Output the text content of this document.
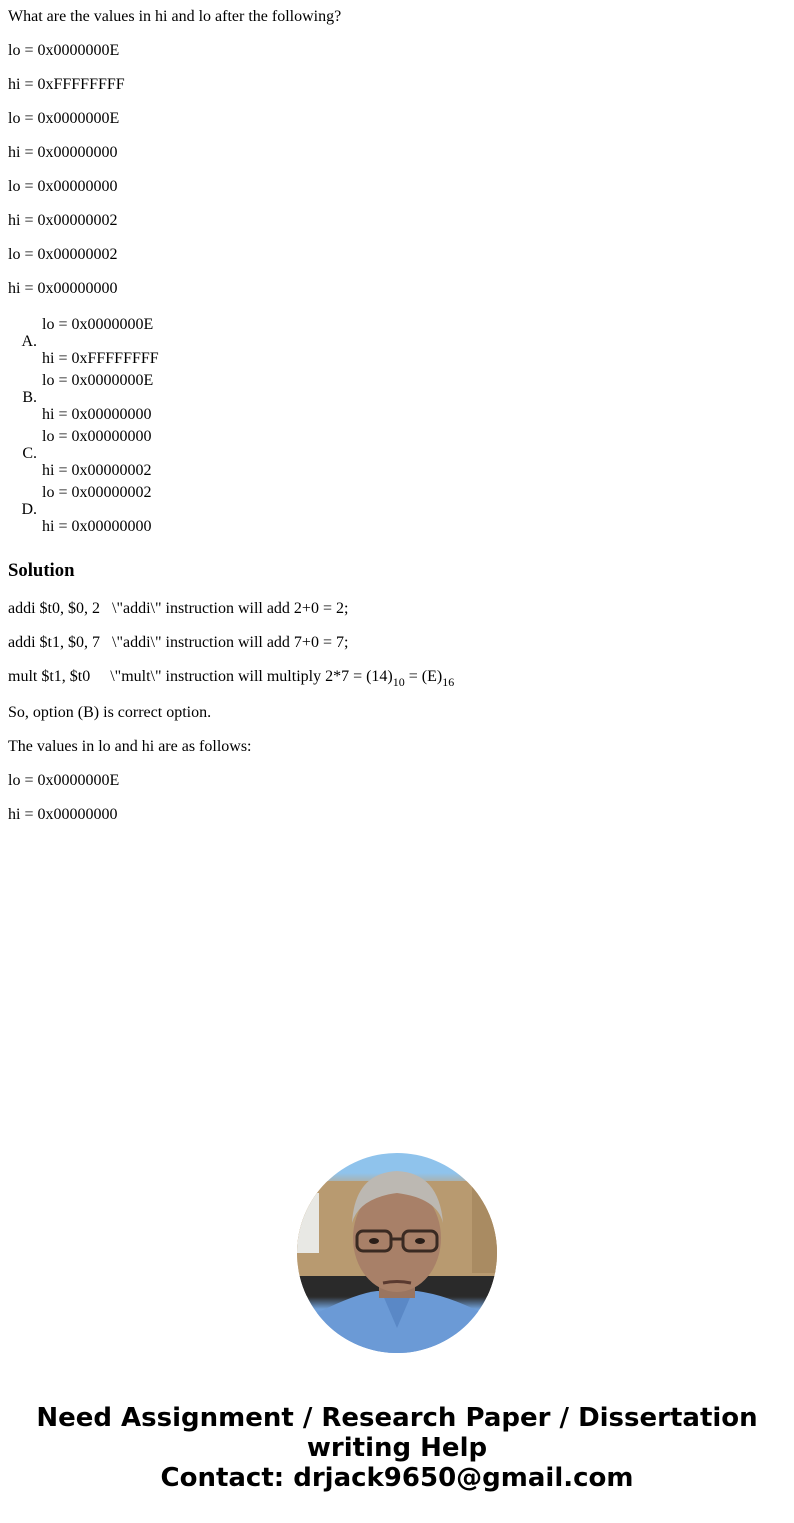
What are the values in hi and lo after the following?

lo = 0x0000000E

hi = 0xFFFFFFFF

lo = 0x0000000E

hi = 0x00000000

lo = 0x00000000

hi = 0x00000002

lo = 0x00000002

hi = 0x00000000

A.
lo = 0x0000000E
hi = 0xFFFFFFFF
B.
lo = 0x0000000E
hi = 0x00000000
C.
lo = 0x00000000
hi = 0x00000002
D.
lo = 0x00000002
hi = 0x00000000
Solution

addi $t0, $0, 2 \"addi\" instruction will add 2+0 = 2;

addi $t1, $0, 7 \"addi\" instruction will add 7+0 = 7;

mult $t1, $t0 \"mult\" instruction will multiply $2*7 = (14)_{10} = (E)_{16}$

So, option (B) is correct option.

The values in lo and hi are as follows:

lo = 0x0000000E

hi = 0x00000000

Need Assignment / Research Paper / Dissertation
writing Help
Contact: drjack9650@gmail.com
